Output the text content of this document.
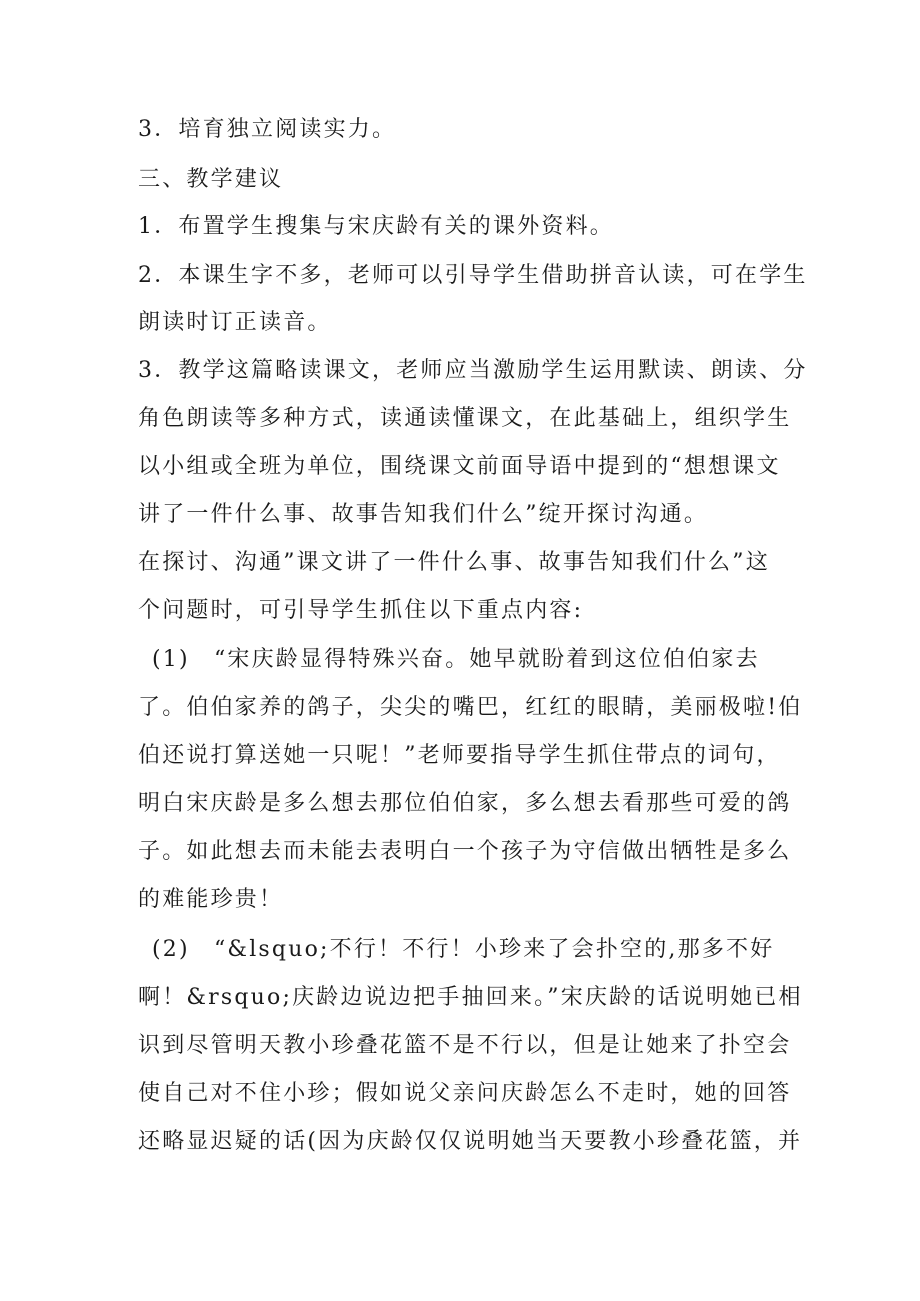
3．培育独立阅读实力。
三、教学建议
1．布置学生搜集与宋庆龄有关的课外资料。
2．本课生字不多，老师可以引导学生借助拼音认读，可在学生
朗读时订正读音。
3．教学这篇略读课文，老师应当激励学生运用默读、朗读、分
角色朗读等多种方式，读通读懂课文，在此基础上，组织学生
以小组或全班为单位，围绕课文前面导语中提到的“想想课文
讲了一件什么事、故事告知我们什么”绽开探讨沟通。
在探讨、沟通”课文讲了一件什么事、故事告知我们什么”这
个问题时，可引导学生抓住以下重点内容:
(1)　“宋庆龄显得特殊兴奋。她早就盼着到这位伯伯家去
了。伯伯家养的鸽子，尖尖的嘴巴，红红的眼睛，美丽极啦!伯
伯还说打算送她一只呢！”老师要指导学生抓住带点的词句，
明白宋庆龄是多么想去那位伯伯家，多么想去看那些可爱的鸽
子。如此想去而未能去表明白一个孩子为守信做出牺牲是多么
的难能珍贵！
(2)　“&lsquo;不行！不行！小珍来了会扑空的,那多不好
啊！&rsquo;庆龄边说边把手抽回来。”宋庆龄的话说明她已相
识到尽管明天教小珍叠花篮不是不行以，但是让她来了扑空会
使自己对不住小珍；假如说父亲问庆龄怎么不走时，她的回答
还略显迟疑的话(因为庆龄仅仅说明她当天要教小珍叠花篮，并
